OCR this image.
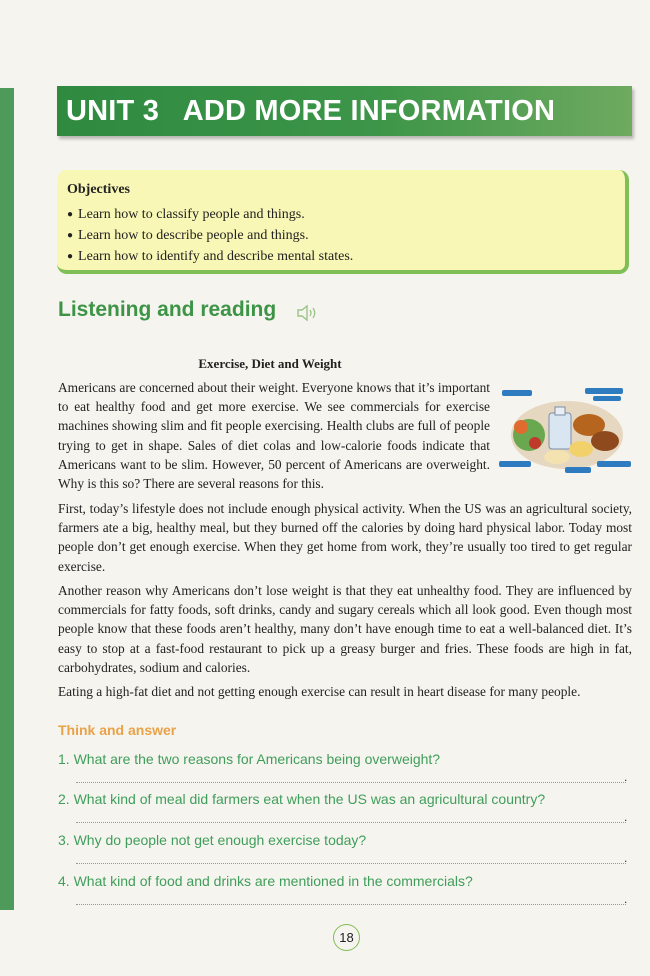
UNIT 3   ADD MORE INFORMATION
Objectives
● Learn how to classify people and things.
● Learn how to describe people and things.
● Learn how to identify and describe mental states.
Listening and reading
Exercise, Diet and Weight

Americans are concerned about their weight. Everyone knows that it’s important to eat healthy food and get more exercise. We see commercials for exercise machines showing slim and fit people exercising. Health clubs are full of people trying to get in shape. Sales of diet colas and low-calorie foods indicate that Americans want to be slim. However, 50 percent of Americans are overweight. Why is this so? There are several reasons for this.

First, today’s lifestyle does not include enough physical activity. When the US was an agricultural society, farmers ate a big, healthy meal, but they burned off the calories by doing hard physical labor. Today most people don’t get enough exercise. When they get home from work, they’re usually too tired to get regular exercise.

Another reason why Americans don’t lose weight is that they eat unhealthy food. They are influenced by commercials for fatty foods, soft drinks, candy and sugary cereals which all look good. Even though most people know that these foods aren’t healthy, many don’t have enough time to eat a well-balanced diet. It’s easy to stop at a fast-food restaurant to pick up a greasy burger and fries. These foods are high in fat, carbohydrates, sodium and calories.

Eating a high-fat diet and not getting enough exercise can result in heart disease for many people.

Think and answer
1. What are the two reasons for Americans being overweight?
.
2. What kind of meal did farmers eat when the US was an agricultural country?
.
3. Why do people not get enough exercise today?
.
4. What kind of food and drinks are mentioned in the commercials?
.
18
